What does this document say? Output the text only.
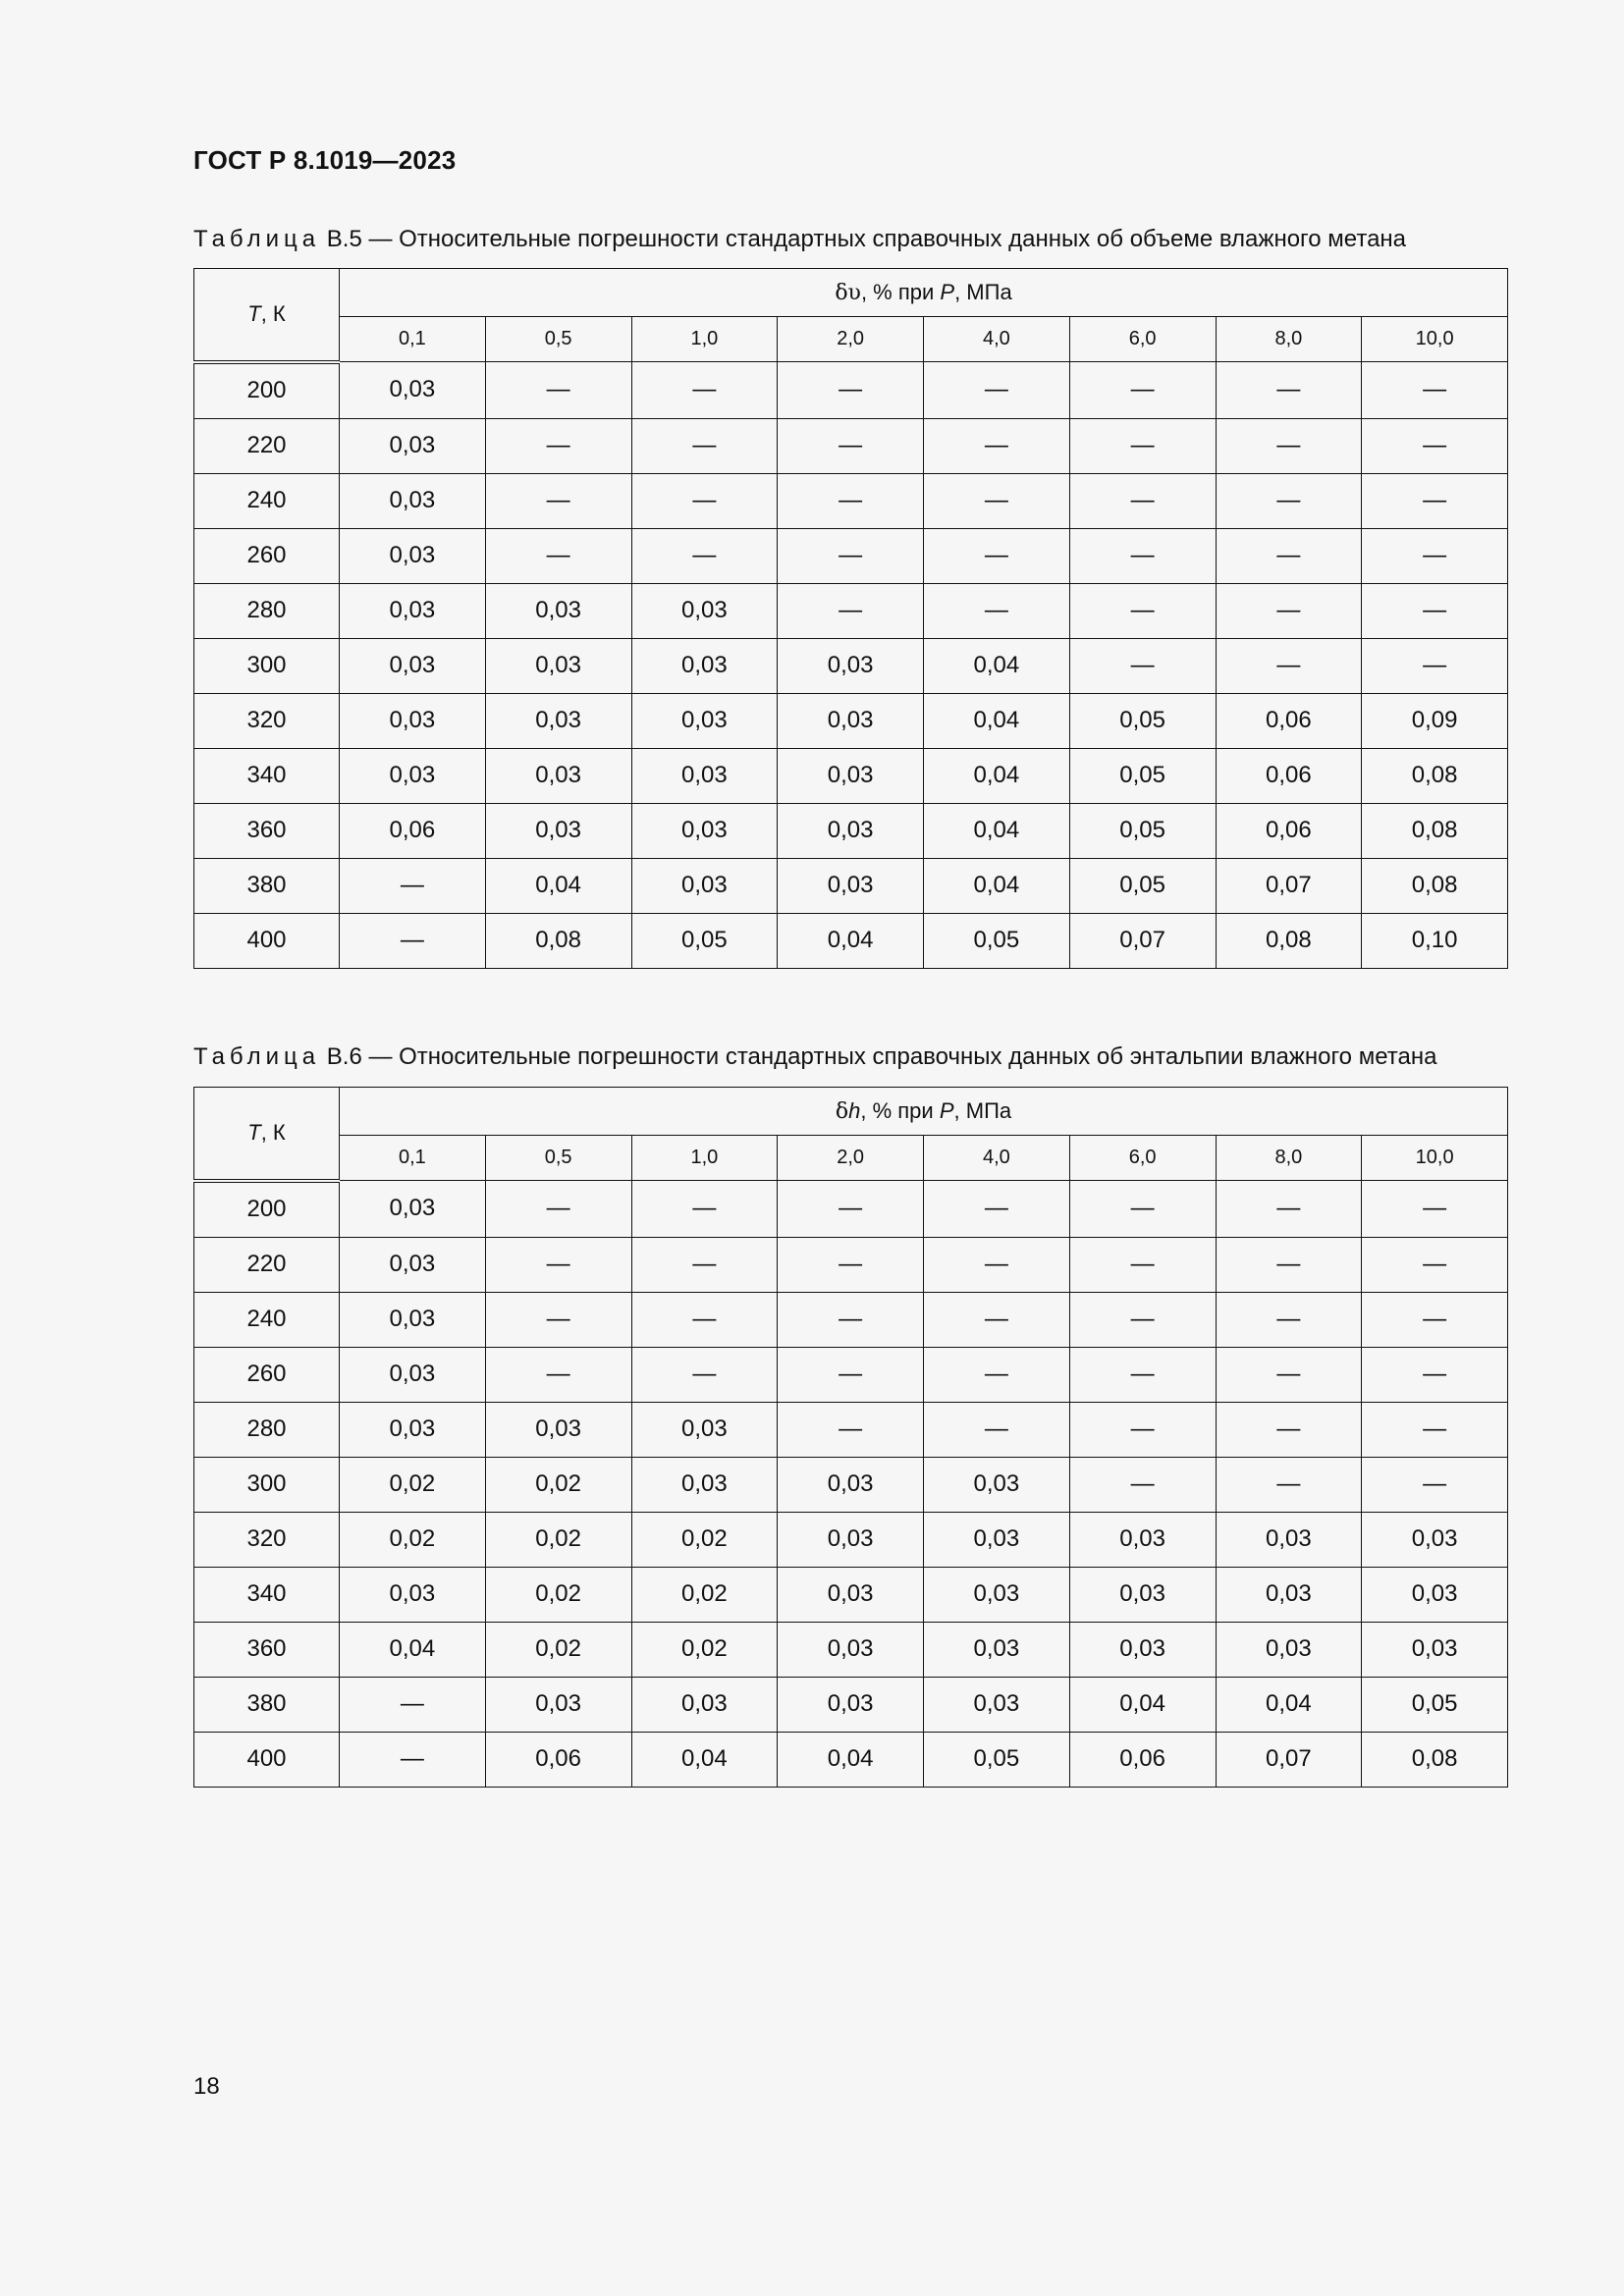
ГОСТ Р 8.1019—2023
Таблица В.5 — Относительные погрешности стандартных справочных данных об объеме влажного метана
T, К	δυ, % при P, МПа							
	0,1	0,5	1,0	2,0	4,0	6,0	8,0	10,0
200	0,03	—	—	—	—	—	—	—
220	0,03	—	—	—	—	—	—	—
240	0,03	—	—	—	—	—	—	—
260	0,03	—	—	—	—	—	—	—
280	0,03	0,03	0,03	—	—	—	—	—
300	0,03	0,03	0,03	0,03	0,04	—	—	—
320	0,03	0,03	0,03	0,03	0,04	0,05	0,06	0,09
340	0,03	0,03	0,03	0,03	0,04	0,05	0,06	0,08
360	0,06	0,03	0,03	0,03	0,04	0,05	0,06	0,08
380	—	0,04	0,03	0,03	0,04	0,05	0,07	0,08
400	—	0,08	0,05	0,04	0,05	0,07	0,08	0,10
Таблица В.6 — Относительные погрешности стандартных справочных данных об энтальпии влажного метана
T, К	δh, % при P, МПа							
	0,1	0,5	1,0	2,0	4,0	6,0	8,0	10,0
200	0,03	—	—	—	—	—	—	—
220	0,03	—	—	—	—	—	—	—
240	0,03	—	—	—	—	—	—	—
260	0,03	—	—	—	—	—	—	—
280	0,03	0,03	0,03	—	—	—	—	—
300	0,02	0,02	0,03	0,03	0,03	—	—	—
320	0,02	0,02	0,02	0,03	0,03	0,03	0,03	0,03
340	0,03	0,02	0,02	0,03	0,03	0,03	0,03	0,03
360	0,04	0,02	0,02	0,03	0,03	0,03	0,03	0,03
380	—	0,03	0,03	0,03	0,03	0,04	0,04	0,05
400	—	0,06	0,04	0,04	0,05	0,06	0,07	0,08
18
